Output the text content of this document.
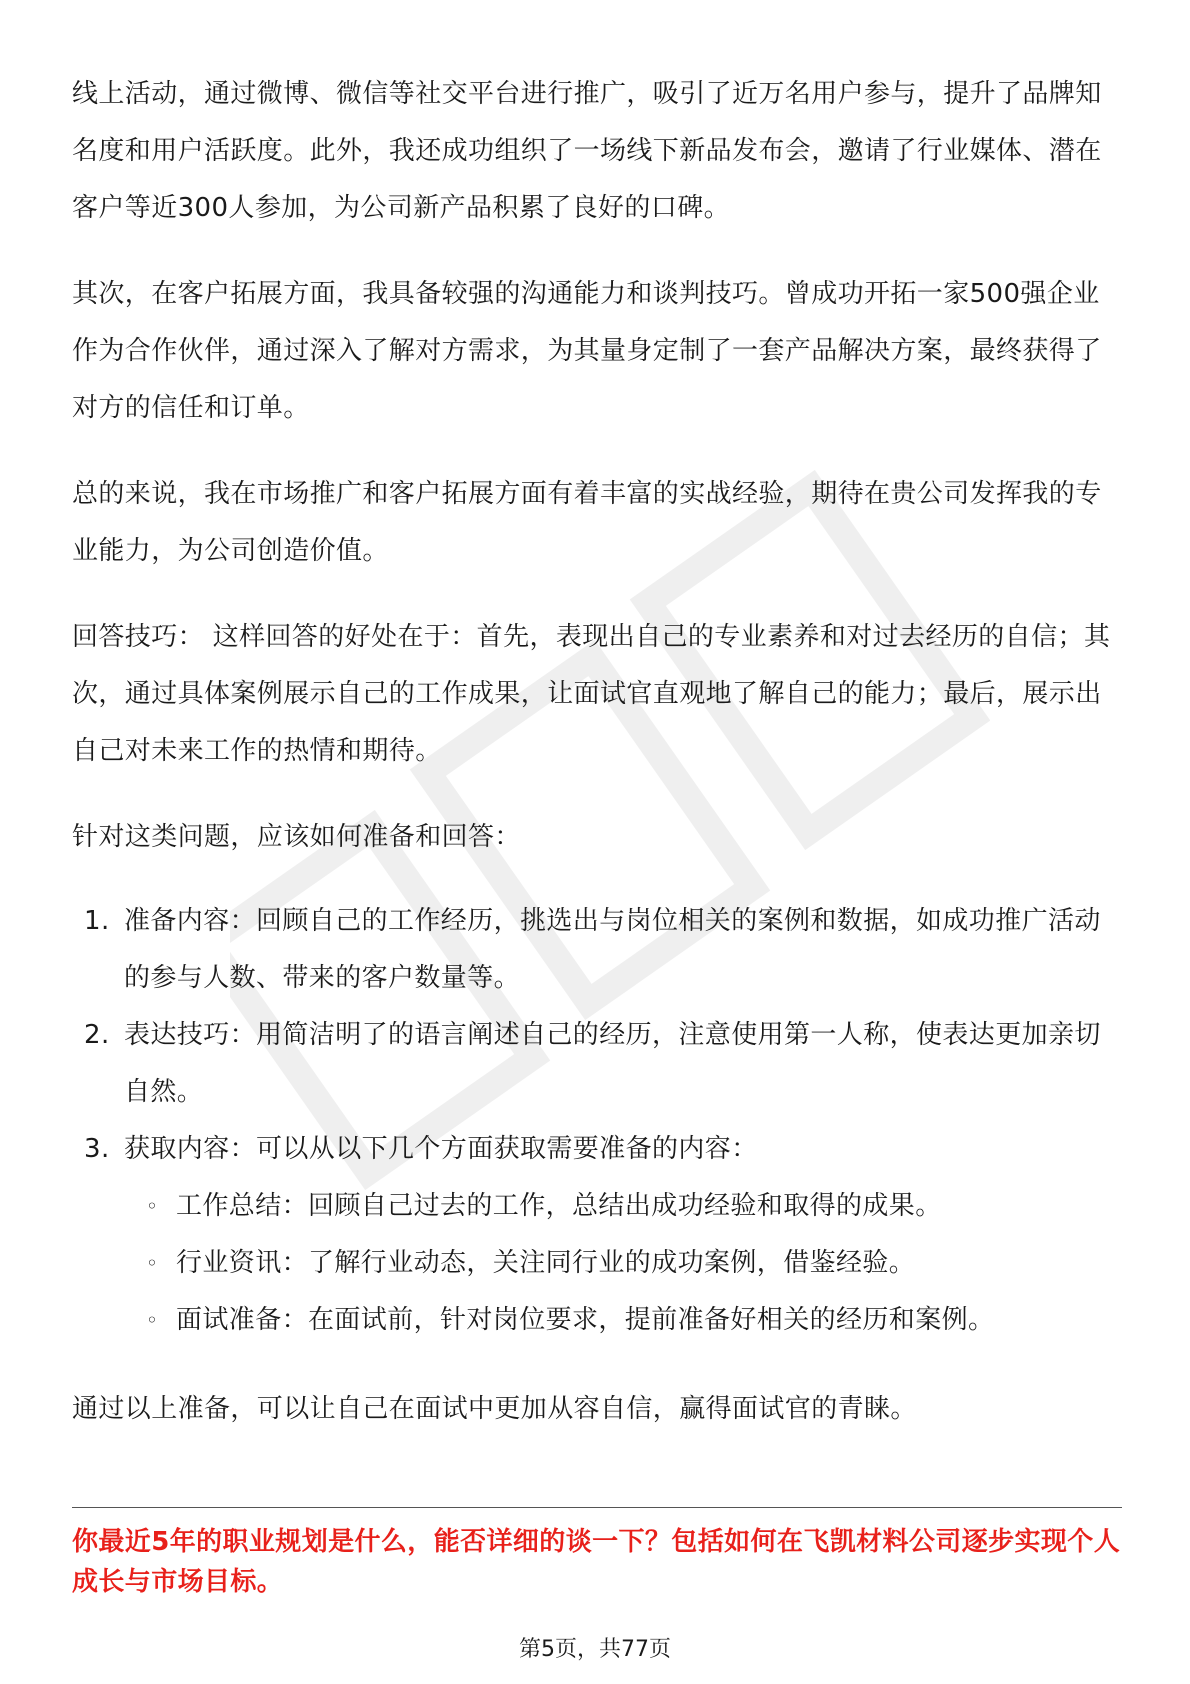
线上活动，通过微博、微信等社交平台进行推广，吸引了近万名用户参与，提升了品牌知名度和用户活跃度。此外，我还成功组织了一场线下新品发布会，邀请了行业媒体、潜在客户等近300人参加，为公司新产品积累了良好的口碑。

其次，在客户拓展方面，我具备较强的沟通能力和谈判技巧。曾成功开拓一家500强企业作为合作伙伴，通过深入了解对方需求，为其量身定制了一套产品解决方案，最终获得了对方的信任和订单。

总的来说，我在市场推广和客户拓展方面有着丰富的实战经验，期待在贵公司发挥我的专业能力，为公司创造价值。

回答技巧： 这样回答的好处在于：首先，表现出自己的专业素养和对过去经历的自信；其次，通过具体案例展示自己的工作成果，让面试官直观地了解自己的能力；最后，展示出自己对未来工作的热情和期待。

针对这类问题，应该如何准备和回答：

1. 准备内容：回顾自己的工作经历，挑选出与岗位相关的案例和数据，如成功推广活动的参与人数、带来的客户数量等。
2. 表达技巧：用简洁明了的语言阐述自己的经历，注意使用第一人称，使表达更加亲切自然。
3. 获取内容：可以从以下几个方面获取需要准备的内容：
◦ 工作总结：回顾自己过去的工作，总结出成功经验和取得的成果。
◦ 行业资讯：了解行业动态，关注同行业的成功案例，借鉴经验。
◦ 面试准备：在面试前，针对岗位要求，提前准备好相关的经历和案例。

通过以上准备，可以让自己在面试中更加从容自信，赢得面试官的青睐。

你最近5年的职业规划是什么，能否详细的谈一下？包括如何在飞凯材料公司逐步实现个人成长与市场目标。
第5页，共77页
